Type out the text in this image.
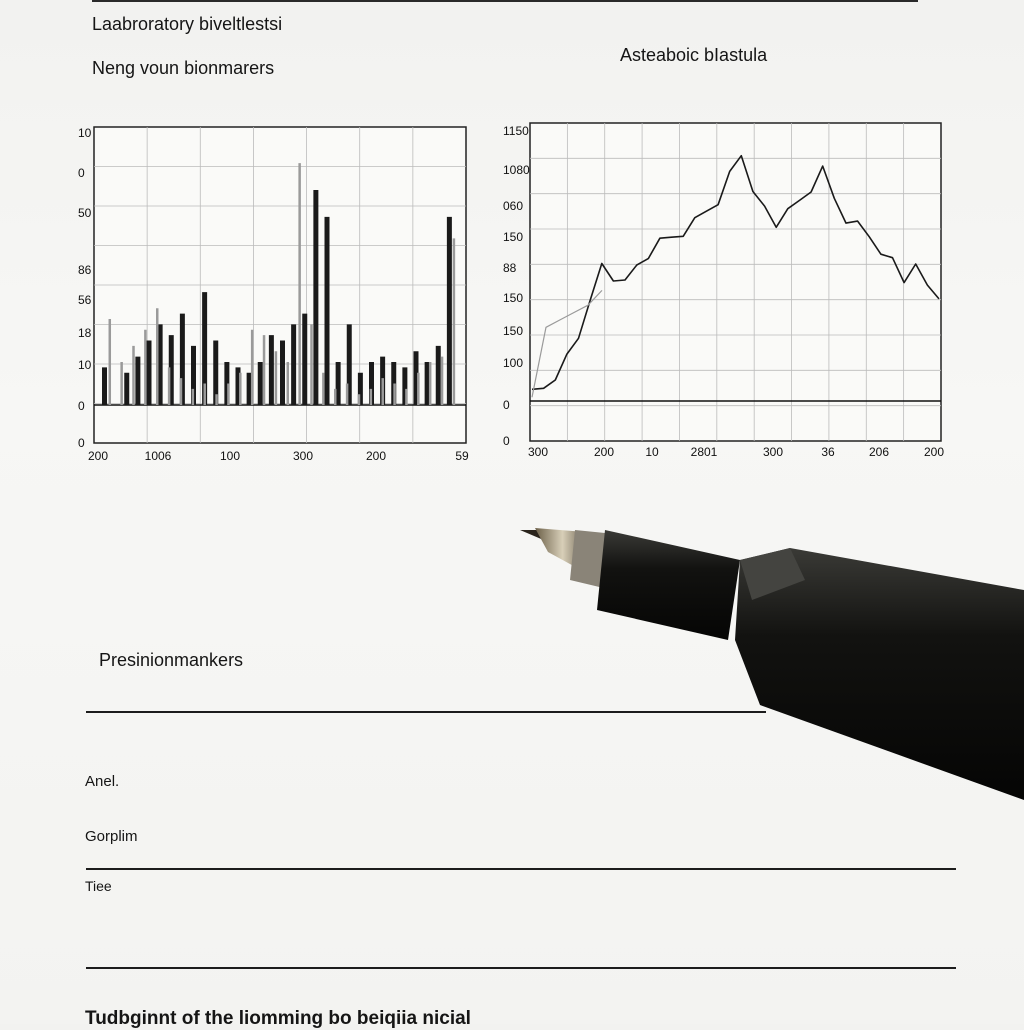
Laabroratory biveltlestsi
Neng voun bionmarers
Asteaboic bIastula
10
0
50
86
56
18
10
0
0
200	1006	100	300	200	59
1150
1080
060
150
88
150
150
100
0
0
300	200	10	2801	300	36	206	200
Presinionmankers
Anel.
Gorplim
Tiee
Tudbginnt of the liomming bo beiqiia nicial
